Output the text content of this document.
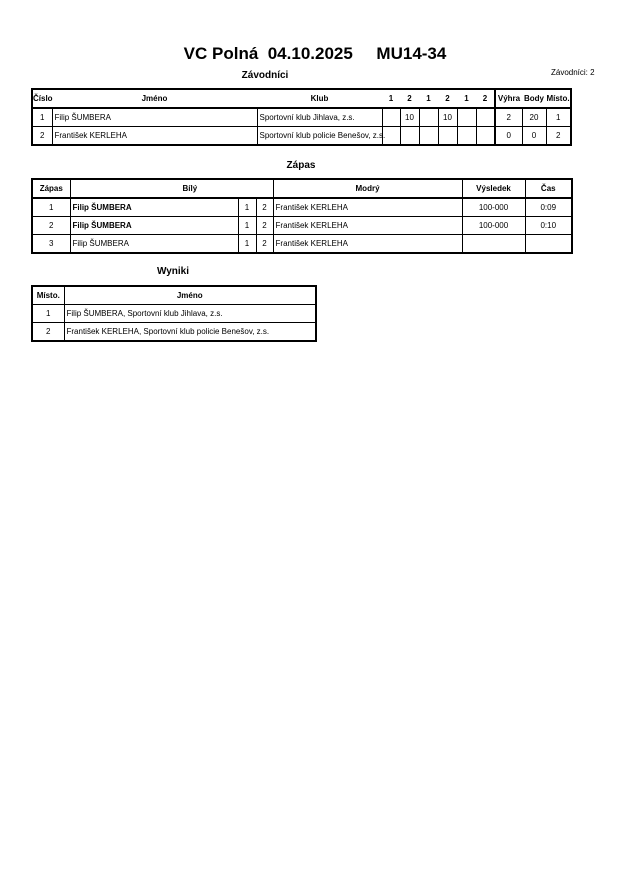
VC Polná  04.10.2025     MU14-34
Závodníci: 2
Závodníci
Číslo	Jméno	Klub	1	2	1	2	1	2	Výhra	Body	Místo.
1	Filip ŠUMBERA	Sportovní klub Jihlava, z.s.		10		10			2	20	1
2	František KERLEHA	Sportovní klub policie Benešov, z.s.							0	0	2
Zápas
Zápas	Bílý			Modrý	Výsledek	Čas
1	Filip ŠUMBERA	1	2	František KERLEHA	100-000	0:09
2	Filip ŠUMBERA	1	2	František KERLEHA	100-000	0:10
3	Filip ŠUMBERA	1	2	František KERLEHA		
Wyniki
Místo.	Jméno
1	Filip ŠUMBERA, Sportovní klub Jihlava, z.s.
2	František KERLEHA, Sportovní klub policie Benešov, z.s.
